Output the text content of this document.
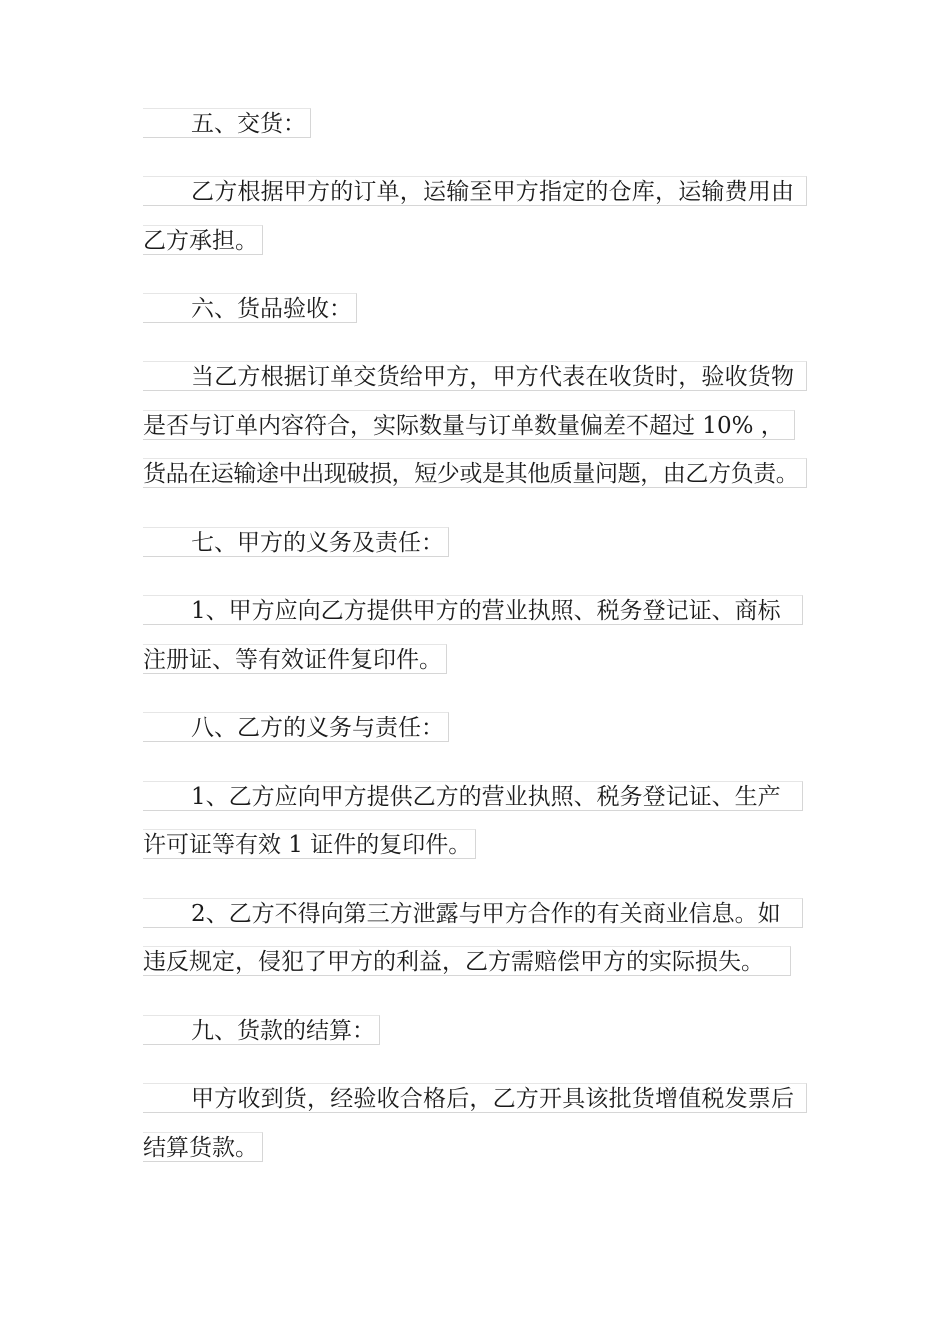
五、交货：
乙方根据甲方的订单，运输至甲方指定的仓库，运输费用由
乙方承担。
六、货品验收：
当乙方根据订单交货给甲方，甲方代表在收货时，验收货物
是否与订单内容符合，实际数量与订单数量偏差不超过 10% ，
货品在运输途中出现破损，短少或是其他质量问题，由乙方负责。
七、甲方的义务及责任：
1、甲方应向乙方提供甲方的营业执照、税务登记证、商标
注册证、等有效证件复印件。
八、乙方的义务与责任：
1、乙方应向甲方提供乙方的营业执照、税务登记证、生产
许可证等有效 1 证件的复印件。
2、乙方不得向第三方泄露与甲方合作的有关商业信息。如
违反规定，侵犯了甲方的利益，乙方需赔偿甲方的实际损失。
九、货款的结算：
甲方收到货，经验收合格后，乙方开具该批货增值税发票后
结算货款。
